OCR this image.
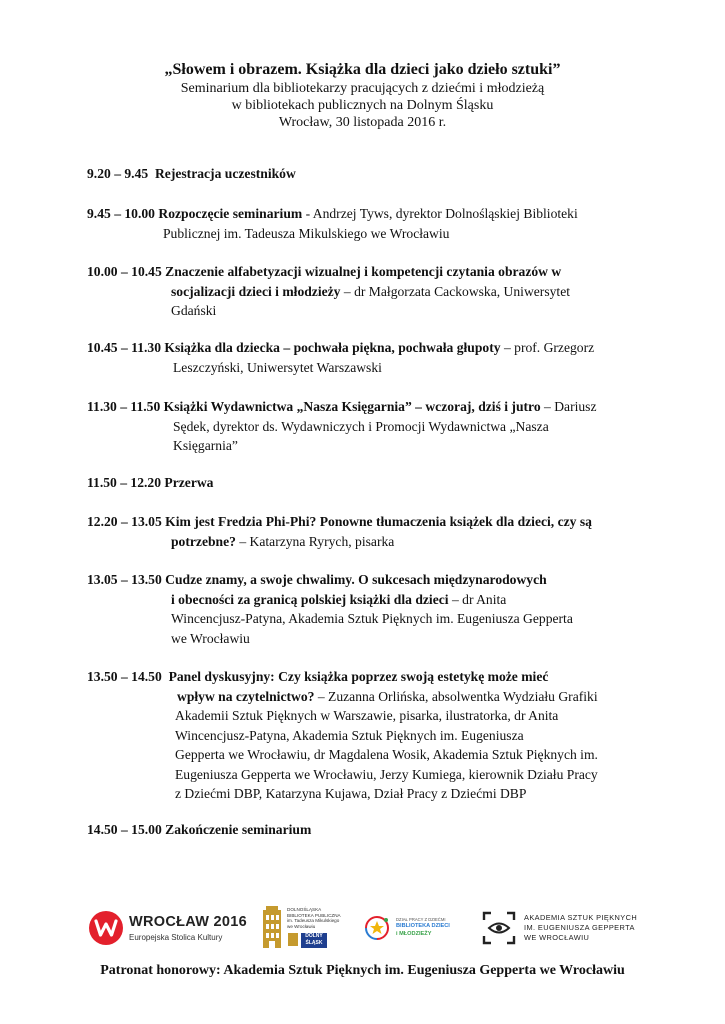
„Słowem i obrazem. Książka dla dzieci jako dzieło sztuki”
Seminarium dla bibliotekarzy pracujących z dziećmi i młodzieżą
w bibliotekach publicznych na Dolnym Śląsku
Wrocław, 30 listopada 2016 r.
9.20 – 9.45 Rejestracja uczestników
9.45 – 10.00 Rozpoczęcie seminarium - Andrzej Tyws, dyrektor Dolnośląskiej Biblioteki
Publicznej im. Tadeusza Mikulskiego we Wrocławiu
10.00 – 10.45 Znaczenie alfabetyzacji wizualnej i kompetencji czytania obrazów w
socjalizacji dzieci i młodzieży – dr Małgorzata Cackowska, Uniwersytet
Gdański
10.45 – 11.30 Książka dla dziecka – pochwała piękna, pochwała głupoty – prof. Grzegorz
Leszczyński, Uniwersytet Warszawski
11.30 – 11.50 Książki Wydawnictwa „Nasza Księgarnia” – wczoraj, dziś i jutro – Dariusz
Sędek, dyrektor ds. Wydawniczych i Promocji Wydawnictwa „Nasza
Księgarnia”
11.50 – 12.20 Przerwa
12.20 – 13.05 Kim jest Fredzia Phi-Phi? Ponowne tłumaczenia książek dla dzieci, czy są
potrzebne? – Katarzyna Ryrych, pisarka
13.05 – 13.50 Cudze znamy, a swoje chwalimy. O sukcesach międzynarodowych
i obecności za granicą polskiej książki dla dzieci – dr Anita
Wincencjusz-Patyna, Akademia Sztuk Pięknych im. Eugeniusza Gepperta
we Wrocławiu
13.50 – 14.50 Panel dyskusyjny: Czy książka poprzez swoją estetykę może mieć
wpływ na czytelnictwo? – Zuzanna Orlińska, absolwentka Wydziału Grafiki
Akademii Sztuk Pięknych w Warszawie, pisarka, ilustratorka, dr Anita
Wincencjusz-Patyna, Akademia Sztuk Pięknych im. Eugeniusza
Gepperta we Wrocławiu, dr Magdalena Wosik, Akademia Sztuk Pięknych im.
Eugeniusza Gepperta we Wrocławiu, Jerzy Kumiega, kierownik Działu Pracy
z Dziećmi DBP, Katarzyna Kujawa, Dział Pracy z Dziećmi DBP
14.50 – 15.00 Zakończenie seminarium
WROCŁAW 2016
Europejska Stolica Kultury
DOLNOŚLĄSKA
BIBLIOTEKA PUBLICZNA
im. Tadeusza Mikulskiego
we Wrocławiu
DOLNY
ŚLĄSK
DZIAŁ PRACY Z DZIEĆMI
BIBLIOTEKA DZIECI
i MŁODZIEŻY
AKADEMIA SZTUK PIĘKNYCH
IM. EUGENIUSZA GEPPERTA
WE WROCŁAWIU
Patronat honorowy: Akademia Sztuk Pięknych im. Eugeniusza Gepperta we Wrocławiu
